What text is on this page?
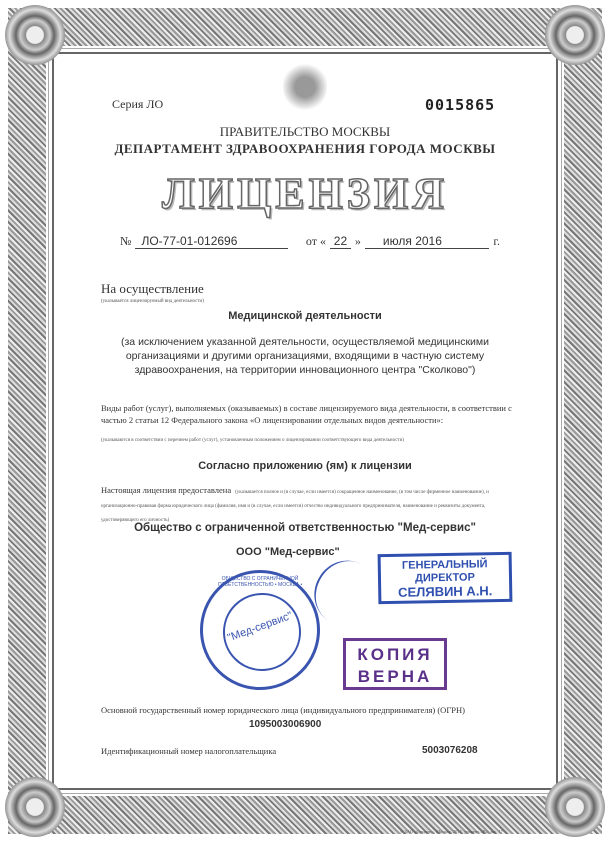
Серия ЛО	0015865
ПРАВИТЕЛЬСТВО МОСКВЫ
ДЕПАРТАМЕНТ ЗДРАВООХРАНЕНИЯ ГОРОДА МОСКВЫ
ЛИЦЕНЗИЯ
№ ЛО-77-01-012696	от « 22 »	июля 2016	г.
На осуществление
(указывается лицензируемый вид деятельности)
Медицинской деятельности
(за исключением указанной деятельности, осуществляемой медицинскими организациями и другими организациями, входящими в частную систему здравоохранения, на территории инновационного центра "Сколково")
Виды работ (услуг), выполняемых (оказываемых) в составе лицензируемого вида деятельности, в соответствии с частью 2 статьи 12 Федерального закона «О лицензировании отдельных видов деятельности»:
(указываются в соответствии с перечнем работ (услуг), установленным положением о лицензировании соответствующего вида деятельности)
Согласно приложению (ям) к лицензии
Настоящая лицензия предоставлена (указывается полное и (в случае, если имеется) сокращенное наименование, (в том числе фирменное наименование), и организационно-правовая форма юридического лица (фамилия, имя и (в случае, если имеется) отчество индивидуального предпринимателя, наименование и реквизиты документа, удостоверяющего его личность)
Общество с ограниченной ответственностью "Мед-сервис"
ООО "Мед-сервис"
"Мед-сервис"
ОБЩЕСТВО С ОГРАНИЧЕННОЙ ОТВЕТСТВЕННОСТЬЮ • МОСКВА •
ГЕНЕРАЛЬНЫЙ
ДИРЕКТОР
СЕЛЯВИН А.Н.
КОПИЯ
ВЕРНА
Основной государственный номер юридического лица (индивидуального предпринимателя) (ОГРН)
1095003006900
Идентификационный номер налогоплательщика	5003076208
© ЗАО «Опцион», Москва, 2015, уровень «В», зак. 17
